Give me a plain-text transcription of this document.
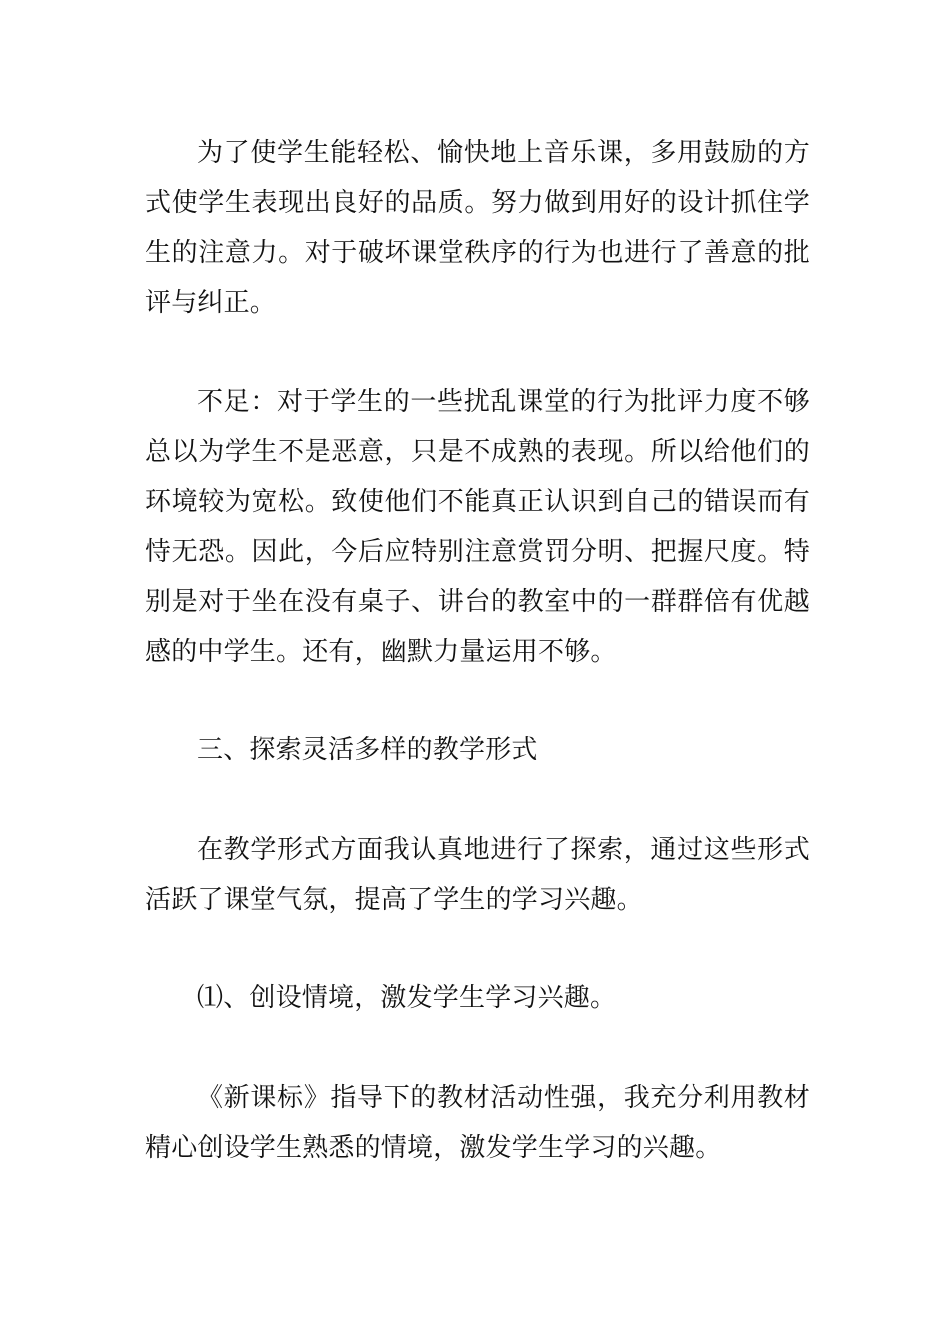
为了使学生能轻松、愉快地上音乐课，多用鼓励的方式使学生表现出良好的品质。努力做到用好的设计抓住学生的注意力。对于破坏课堂秩序的行为也进行了善意的批评与纠正。

不足：对于学生的一些扰乱课堂的行为批评力度不够总以为学生不是恶意，只是不成熟的表现。所以给他们的环境较为宽松。致使他们不能真正认识到自己的错误而有恃无恐。因此，今后应特别注意赏罚分明、把握尺度。特别是对于坐在没有桌子、讲台的教室中的一群群倍有优越感的中学生。还有，幽默力量运用不够。

三、探索灵活多样的教学形式

在教学形式方面我认真地进行了探索，通过这些形式活跃了课堂气氛，提高了学生的学习兴趣。

⑴、创设情境，激发学生学习兴趣。

《新课标》指导下的教材活动性强，我充分利用教材精心创设学生熟悉的情境，激发学生学习的兴趣。
